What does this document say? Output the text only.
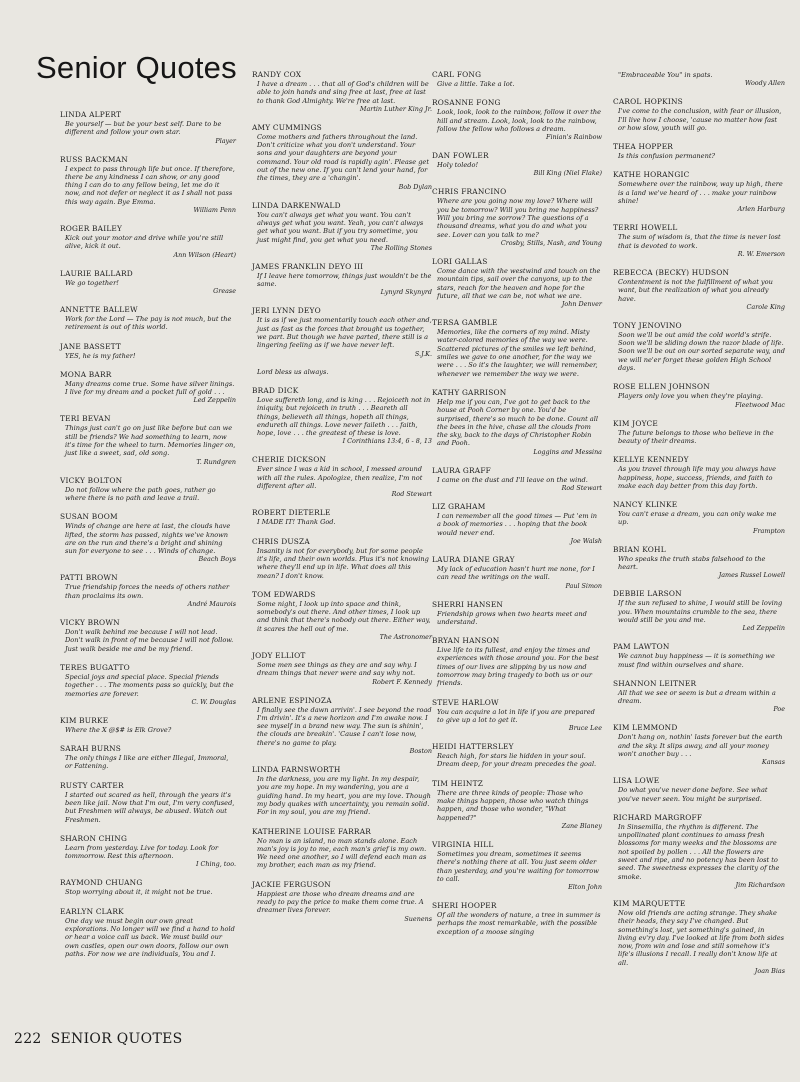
Senior Quotes
LINDA ALPERT
Be yourself — but be your best self. Dare to be different and follow your own star.
Player
RUSS BACKMAN
I expect to pass through life but once. If therefore, there be any kindness I can show, or any good thing I can do to any fellow being, let me do it now, and not defer or neglect it as I shall not pass this way again. Bye Emma.
William Penn
ROGER BAILEY
Kick out your motor and drive while you're still alive, kick it out.
Ann Wilson (Heart)
LAURIE BALLARD
We go together!
Grease
ANNETTE BALLEW
Work for the Lord — The pay is not much, but the retirement is out of this world.
JANE BASSETT
YES, he is my father!
MONA BARR
Many dreams come true. Some have silver linings. I live for my dream and a pocket full of gold . . .
Led Zeppelin
TERI BEVAN
Things just can't go on just like before but can we still be friends? We had something to learn, now it's time for the wheel to turn. Memories linger on, just like a sweet, sad, old song.
T. Rundgren
VICKY BOLTON
Do not follow where the path goes, rather go where there is no path and leave a trail.
SUSAN BOOM
Winds of change are here at last, the clouds have lifted, the storm has passed, nights we've known are on the run and there's a bright and shining sun for everyone to see . . . Winds of change.
Beach Boys
PATTI BROWN
True friendship forces the needs of others rather than proclaims its own.
André Maurois
VICKY BROWN
Don't walk behind me because I will not lead. Don't walk in front of me because I will not follow. Just walk beside me and be my friend.
TERES BUGATTO
Special joys and special place. Special friends together . . . The moments pass so quickly, but the memories are forever.
C. W. Douglas
KIM BURKE
Where the X @$# is Elk Grove?
SARAH BURNS
The only things I like are either Illegal, Immoral, or Fattening.
RUSTY CARTER
I started out scared as hell, through the years it's been like jail. Now that I'm out, I'm very confused, but Freshmen will always, be abused. Watch out Freshmen.
SHARON CHING
Learn from yesterday. Live for today. Look for tommorrow. Rest this afternoon.
I Ching, too.
RAYMOND CHUANG
Stop worrying about it, it might not be true.
EARLYN CLARK
One day we must begin our own great explorations. No longer will we find a hand to hold or hear a voice call us back. We must build our own castles, open our own doors, follow our own paths. For now we are individuals, You and I.
RANDY COX
I have a dream . . . that all of God's children will be able to join hands and sing free at last, free at last to thank God Almighty. We're free at last.
Martin Luther King Jr.
AMY CUMMINGS
Come mothers and fathers throughout the land. Don't criticize what you don't understand. Your sons and your daughters are beyond your command. Your old road is rapidly agin'. Please get out of the new one. If you can't lend your hand, for the times, they are a 'changin'.
Bob Dylan
LINDA DARKENWALD
You can't always get what you want. You can't always get what you want. Yeah, you can't always get what you want. But if you try sometime, you just might find, you get what you need.
The Rolling Stones
JAMES FRANKLIN DEYO III
If I leave here tomorrow, things just wouldn't be the same.
Lynyrd Skynyrd
JERI LYNN DEYO
It is as if we just momentarily touch each other and, just as fast as the forces that brought us together, we part. But though we have parted, there still is a lingering feeling as if we have never left.
S.J.K.
Lord bless us always.
BRAD DICK
Love suffereth long, and is king . . . Rejoiceth not in iniquity, but rejoiceth in truth . . . Beareth all things, believeth all things, hopeth all things, endureth all things. Love never faileth . . . faith, hope, love . . . the greatest of these is love.
I Corinthians 13:4, 6 - 8, 13
CHERIE DICKSON
Ever since I was a kid in school, I messed around with all the rules. Apologize, then realize, I'm not different after all.
Rod Stewart
ROBERT DIETERLE
I MADE IT! Thank God.
CHRIS DUSZA
Insanity is not for everybody, but for some people it's life, and their own worlds. Plus it's not knowing where they'll end up in life. What does all this mean? I don't know.
TOM EDWARDS
Some night, I look up into space and think, somebody's out there. And other times, I look up and think that there's nobody out there. Either way, it scares the hell out of me.
The Astronomer
JODY ELLIOT
Some men see things as they are and say why. I dream things that never were and say why not.
Robert F. Kennedy
ARLENE ESPINOZA
I finally see the dawn arrivin'. I see beyond the road I'm drivin'. It's a new horizon and I'm awake now. I see myself in a brand new way. The sun is shinin', the clouds are breakin'. 'Cause I can't lose now, there's no game to play.
Boston
LINDA FARNSWORTH
In the darkness, you are my light. In my despair, you are my hope. In my wandering, you are a guiding hand. In my heart, you are my love. Though my body quakes with uncertainty, you remain solid. For in my soul, you are my friend.
KATHERINE LOUISE FARRAR
No man is an island, no man stands alone. Each man's joy is joy to me, each man's grief is my own. We need one another, so I will defend each man as my brother, each man as my friend.
JACKIE FERGUSON
Happiest are those who dream dreams and are ready to pay the price to make them come true. A dreamer lives forever.
Suenens
CARL FONG
Give a little. Take a lot.
ROSANNE FONG
Look, look, look to the rainbow, follow it over the hill and stream. Look, look, look to the rainbow, follow the fellow who follows a dream.
Finian's Rainbow
DAN FOWLER
Holy toledo!
Bill King (Niel Flake)
CHRIS FRANCINO
Where are you going now my love? Where will you be tomorrow? Will you bring me happiness? Will you bring me sorrow? The questions of a thousand dreams, what you do and what you see. Lover can you talk to me?
Crosby, Stills, Nash, and Young
LORI GALLAS
Come dance with the westwind and touch on the mountain tips, sail over the canyons, up to the stars, reach for the heaven and hope for the future, all that we can be, not what we are.
John Denver
TERSA GAMBLE
Memories, like the corners of my mind. Misty water-colored memories of the way we were. Scattered pictures of the smiles we left behind, smiles we gave to one another, for the way we were . . . So it's the laughter, we will remember, whenever we remember the way we were.
KATHY GARRISON
Help me if you can, I've got to get back to the house at Pooh Corner by one. You'd be surprised, there's so much to be done. Count all the bees in the hive, chase all the clouds from the sky, back to the days of Christopher Robin and Pooh.
Loggins and Messina
LAURA GRAFF
I came on the dust and I'll leave on the wind.
Rod Stewart
LIZ GRAHAM
I can remember all the good times — Put 'em in a book of memories . . . hoping that the book would never end.
Joe Walsh
LAURA DIANE GRAY
My lack of education hasn't hurt me none, for I can read the writings on the wall.
Paul Simon
SHERRI HANSEN
Friendship grows when two hearts meet and understand.
BRYAN HANSON
Live life to its fullest, and enjoy the times and experiences with those around you. For the best times of our lives are slipping by us now and tomorrow may bring tragedy to both us or our friends.
STEVE HARLOW
You can acquire a lot in life if you are prepared to give up a lot to get it.
Bruce Lee
HEIDI HATTERSLEY
Reach high, for stars lie hidden in your soul. Dream deep, for your dream precedes the goal.
TIM HEINTZ
There are three kinds of people: Those who make things happen, those who watch things happen, and those who wonder, "What happened?"
Zane Blaney
VIRGINIA HILL
Sometimes you dream, sometimes it seems there's nothing there at all. You just seem older than yesterday, and you're waiting for tomorrow to call.
Elton John
SHERI HOOPER
Of all the wonders of nature, a tree in summer is perhaps the most remarkable, with the possible exception of a moose singing
"Embraceable You" in spats.
Woody Allen
CAROL HOPKINS
I've come to the conclusion, with fear or illusion, I'll live how I choose, 'cause no matter how fast or how slow, youth will go.
THEA HOPPER
Is this confusion permanent?
KATHE HORANGIC
Somewhere over the rainbow, way up high, there is a land we've heard of . . . make your rainbow shine!
Arlen Harburg
TERRI HOWELL
The sum of wisdom is, that the time is never lost that is devoted to work.
R. W. Emerson
REBECCA (BECKY) HUDSON
Contentment is not the fulfillment of what you want, but the realization of what you already have.
Carole King
TONY JENOVINO
Soon we'll be out amid the cold world's strife. Soon we'll be sliding down the razor blade of life. Soon we'll be out on our sorted separate way, and we will ne'er forget these golden High School days.
ROSE ELLEN JOHNSON
Players only love you when they're playing.
Fleetwood Mac
KIM JOYCE
The future belongs to those who believe in the beauty of their dreams.
KELLYE KENNEDY
As you travel through life may you always have happiness, hope, success, friends, and faith to make each day better from this day forth.
NANCY KLINKE
You can't erase a dream, you can only wake me up.
Frampton
BRIAN KOHL
Who speaks the truth stabs falsehood to the heart.
James Russel Lowell
DEBBIE LARSON
If the sun refused to shine, I would still be loving you. When mountains crumble to the sea, there would still be you and me.
Led Zeppelin
PAM LAWTON
We cannot buy happiness — it is something we must find within ourselves and share.
SHANNON LEITNER
All that we see or seem is but a dream within a dream.
Poe
KIM LEMMOND
Don't hang on, nothin' lasts forever but the earth and the sky. It slips away, and all your money won't another buy . . .
Kansas
LISA LOWE
Do what you've never done before. See what you've never seen. You might be surprised.
RICHARD MARGROFF
In Sinsemilla, the rhythm is different. The unpollinated plant continues to amass fresh blossoms for many weeks and the blossoms are not spoiled by pollen . . . All the flowers are sweet and ripe, and no potency has been lost to seed. The sweetness expresses the clarity of the smoke.
Jim Richardson
KIM MARQUETTE
Now old friends are acting strange. They shake their heads, they say I've changed. But something's lost, yet something's gained, in living ev'ry day. I've looked at life from both sides now, from win and lose and still somehow it's life's illusions I recall. I really don't know life at all.
Joan Bias
222 SENIOR QUOTES
